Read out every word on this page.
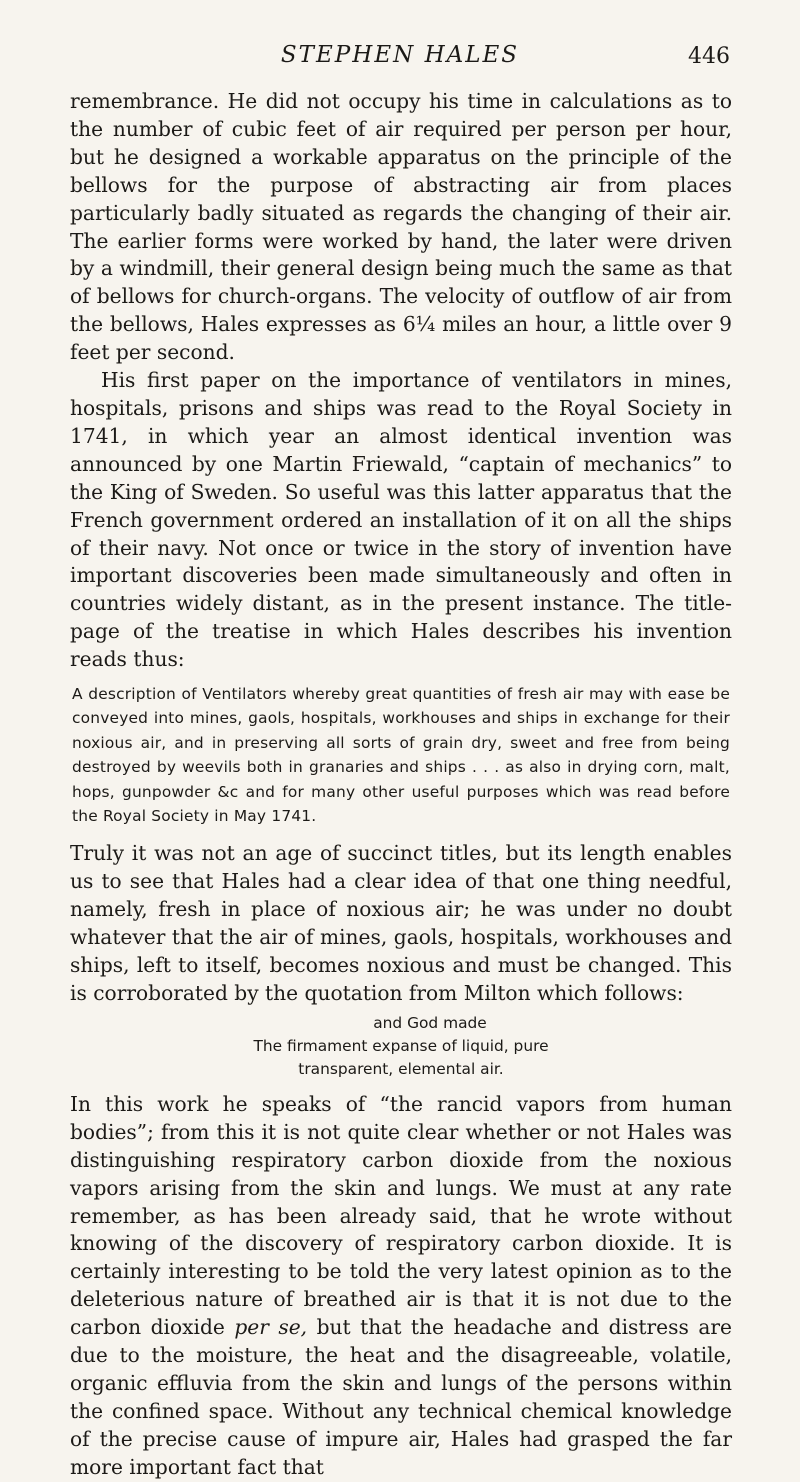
STEPHEN HALES	446

remembrance. He did not occupy his time in calculations as to the number of cubic feet of air required per person per hour, but he designed a workable apparatus on the principle of the bellows for the purpose of abstracting air from places particularly badly situated as regards the changing of their air. The earlier forms were worked by hand, the later were driven by a windmill, their general design being much the same as that of bellows for church-organs. The velocity of outflow of air from the bellows, Hales expresses as 6¼ miles an hour, a little over 9 feet per second.

His first paper on the importance of ventilators in mines, hospitals, prisons and ships was read to the Royal Society in 1741, in which year an almost identical invention was announced by one Martin Friewald, “captain of mechanics” to the King of Sweden. So useful was this latter apparatus that the French government ordered an installation of it on all the ships of their navy. Not once or twice in the story of invention have important discoveries been made simultaneously and often in countries widely distant, as in the present instance. The title-page of the treatise in which Hales describes his invention reads thus:

A description of Ventilators whereby great quantities of fresh air may with ease be conveyed into mines, gaols, hospitals, workhouses and ships in exchange for their noxious air, and in preserving all sorts of grain dry, sweet and free from being destroyed by weevils both in granaries and ships . . . as also in drying corn, malt, hops, gunpowder &c and for many other useful purposes which was read before the Royal Society in May 1741.

Truly it was not an age of succinct titles, but its length enables us to see that Hales had a clear idea of that one thing needful, namely, fresh in place of noxious air; he was under no doubt whatever that the air of mines, gaols, hospitals, workhouses and ships, left to itself, becomes noxious and must be changed. This is corroborated by the quotation from Milton which follows:

and God made
The firmament expanse of liquid, pure
transparent, elemental air.

In this work he speaks of “the rancid vapors from human bodies”; from this it is not quite clear whether or not Hales was distinguishing respiratory carbon dioxide from the noxious vapors arising from the skin and lungs. We must at any rate remember, as has been already said, that he wrote without knowing of the discovery of respiratory carbon dioxide. It is certainly interesting to be told the very latest opinion as to the deleterious nature of breathed air is that it is not due to the carbon dioxide per se, but that the headache and distress are due to the moisture, the heat and the disagreeable, volatile, organic effluvia from the skin and lungs of the persons within the confined space. Without any technical chemical knowledge of the precise cause of impure air, Hales had grasped the far more important fact that
